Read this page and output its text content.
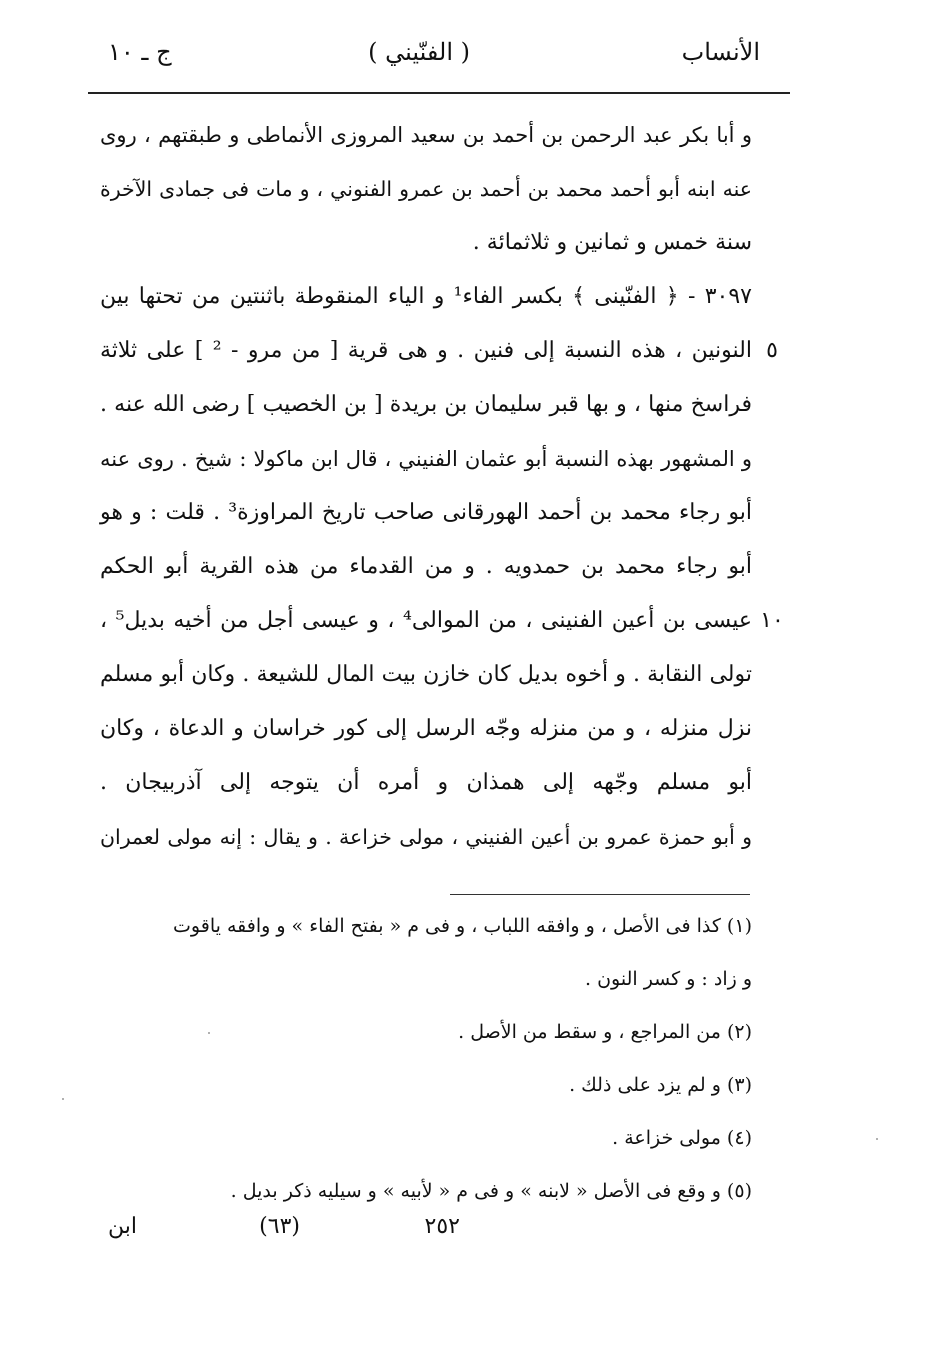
الأنساب
( الفنّيني )
ج ـ ١٠
و أبا بكر عبد الرحمن بن أحمد بن سعيد المروزى الأنماطى و طبقتهم ، روى
عنه ابنه أبو أحمد محمد بن أحمد بن عمرو الفنوني ، و مات فى جمادى الآخرة
سنة خمس و ثمانين و ثلاثمائة .
٣٠٩٧ - ﴿ الفنّينى ﴾ بكسر الفاء¹ و الياء المنقوطة باثنتين من تحتها بين
النونين ، هذه النسبة إلى فنين . و هى قرية [ من مرو - ² ] على ثلاثة ٥
فراسخ منها ، و بها قبر سليمان بن بريدة [ بن الخصيب ] رضى الله عنه .
و المشهور بهذه النسبة أبو عثمان الفنيني ، قال ابن ماكولا : شيخ . روى عنه
أبو رجاء محمد بن أحمد الهورقانى صاحب تاريخ المراوزة³ . قلت : و هو
أبو رجاء محمد بن حمدويه . و من القدماء من هذه القرية أبو الحكم
عيسى بن أعين الفنينى ، من الموالى⁴ ، و عيسى أجل من أخيه بديل⁵ ، ١٠
تولى النقابة . و أخوه بديل كان خازن بيت المال للشيعة . وكان أبو مسلم
نزل منزله ، و من منزله وجّه الرسل إلى كور خراسان و الدعاة ، وكان
أبو مسلم وجّهه إلى همذان و أمره أن يتوجه إلى آذربيجان .
و أبو حمزة عمرو بن أعين الفنيني ، مولى خزاعة . و يقال : إنه مولى لعمران
(١) كذا فى الأصل ، و وافقه اللباب ، و فى م « بفتح الفاء » و وافقه ياقوت
و زاد : و كسر النون .
(٢) من المراجع ، و سقط من الأصل .
(٣) و لم يزد على ذلك .
(٤) مولى خزاعة .
(٥) و وقع فى الأصل « لابنه » و فى م « لأبيه » و سيليه ذكر بديل .
٢٥٢
(٦٣)
ابن
